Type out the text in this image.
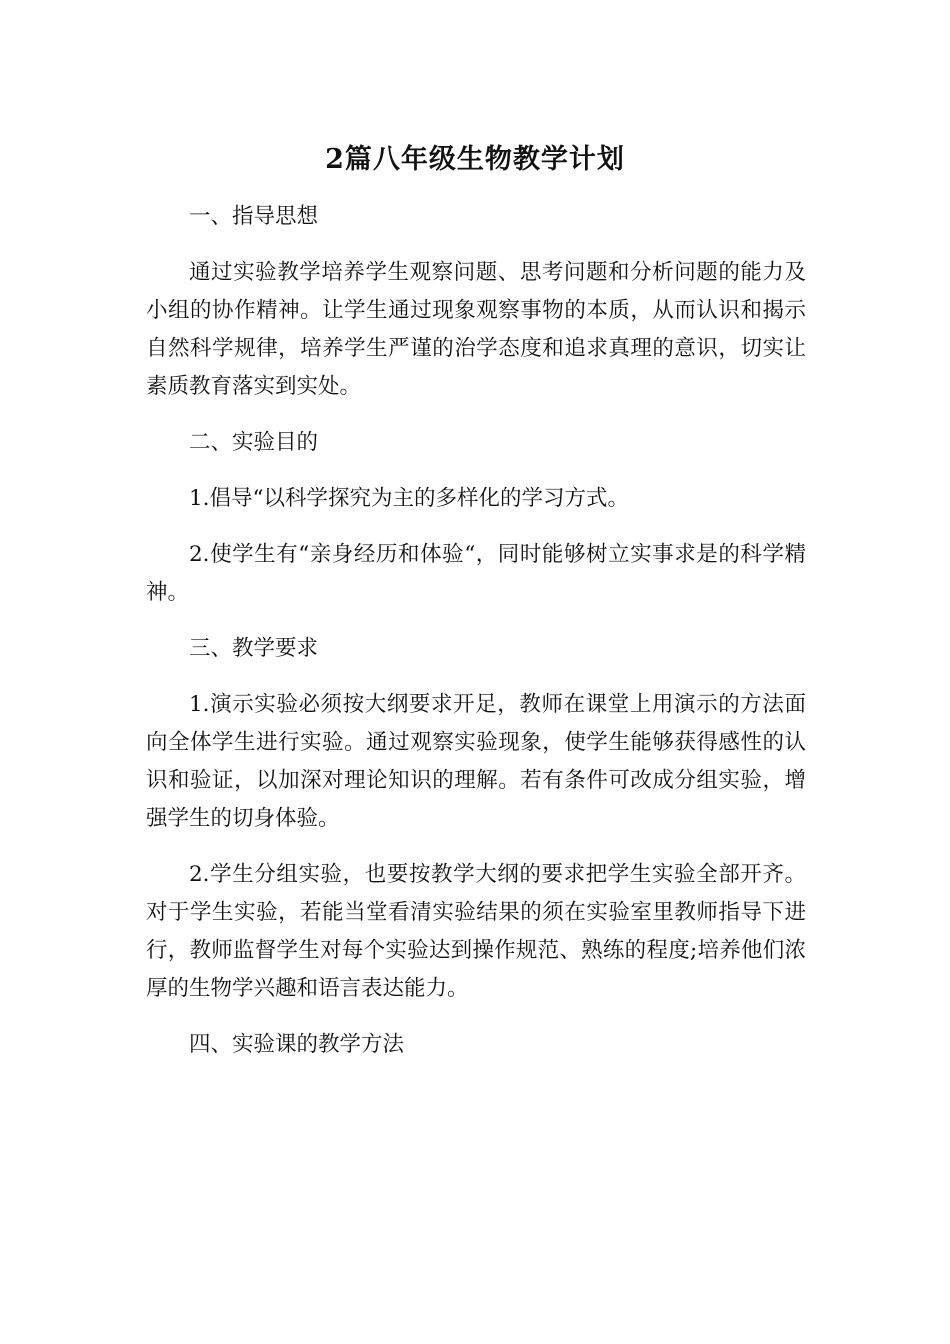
2篇八年级生物教学计划

一、指导思想

通过实验教学培养学生观察问题、思考问题和分析问题的能力及小组的协作精神。让学生通过现象观察事物的本质，从而认识和揭示自然科学规律，培养学生严谨的治学态度和追求真理的意识，切实让素质教育落实到实处。

二、实验目的

1.倡导“以科学探究为主的多样化的学习方式。

2.使学生有“亲身经历和体验“，同时能够树立实事求是的科学精神。

三、教学要求

1.演示实验必须按大纲要求开足，教师在课堂上用演示的方法面向全体学生进行实验。通过观察实验现象，使学生能够获得感性的认识和验证，以加深对理论知识的理解。若有条件可改成分组实验，增强学生的切身体验。

2.学生分组实验，也要按教学大纲的要求把学生实验全部开齐。对于学生实验，若能当堂看清实验结果的须在实验室里教师指导下进行，教师监督学生对每个实验达到操作规范、熟练的程度;培养他们浓厚的生物学兴趣和语言表达能力。

四、实验课的教学方法
